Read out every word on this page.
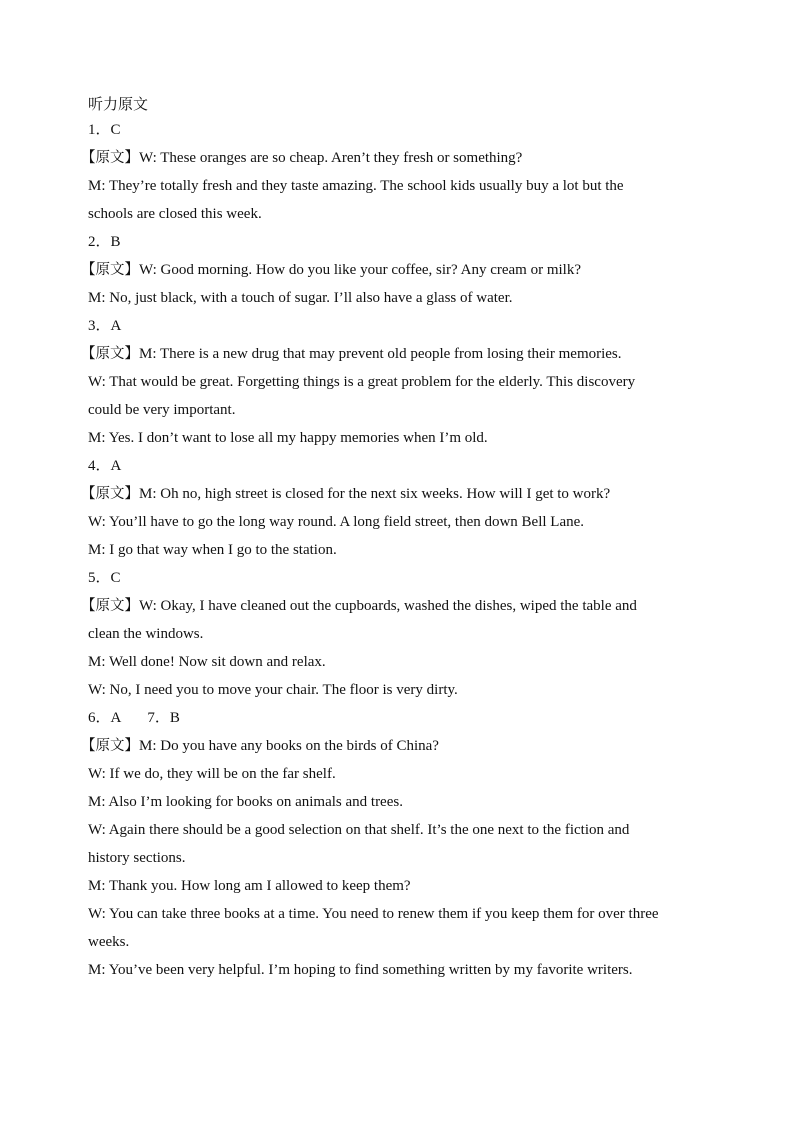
听力原文
1．C
【原文】W: These oranges are so cheap. Aren’t they fresh or something?
M: They’re totally fresh and they taste amazing. The school kids usually buy a lot but the
schools are closed this week.
2．B
【原文】W: Good morning. How do you like your coffee, sir? Any cream or milk?
M: No, just black, with a touch of sugar. I’ll also have a glass of water.
3．A
【原文】M: There is a new drug that may prevent old people from losing their memories.
W: That would be great. Forgetting things is a great problem for the elderly. This discovery
could be very important.
M: Yes. I don’t want to lose all my happy memories when I’m old.
4．A
【原文】M: Oh no, high street is closed for the next six weeks. How will I get to work?
W: You’ll have to go the long way round. A long field street, then down Bell Lane.
M: I go that way when I go to the station.
5．C
【原文】W: Okay, I have cleaned out the cupboards, washed the dishes, wiped the table and
clean the windows.
M: Well done! Now sit down and relax.
W: No, I need you to move your chair. The floor is very dirty.
6．A 7．B
【原文】M: Do you have any books on the birds of China?
W: If we do, they will be on the far shelf.
M: Also I’m looking for books on animals and trees.
W: Again there should be a good selection on that shelf. It’s the one next to the fiction and
history sections.
M: Thank you. How long am I allowed to keep them?
W: You can take three books at a time. You need to renew them if you keep them for over three
weeks.
M: You’ve been very helpful. I’m hoping to find something written by my favorite writers.
